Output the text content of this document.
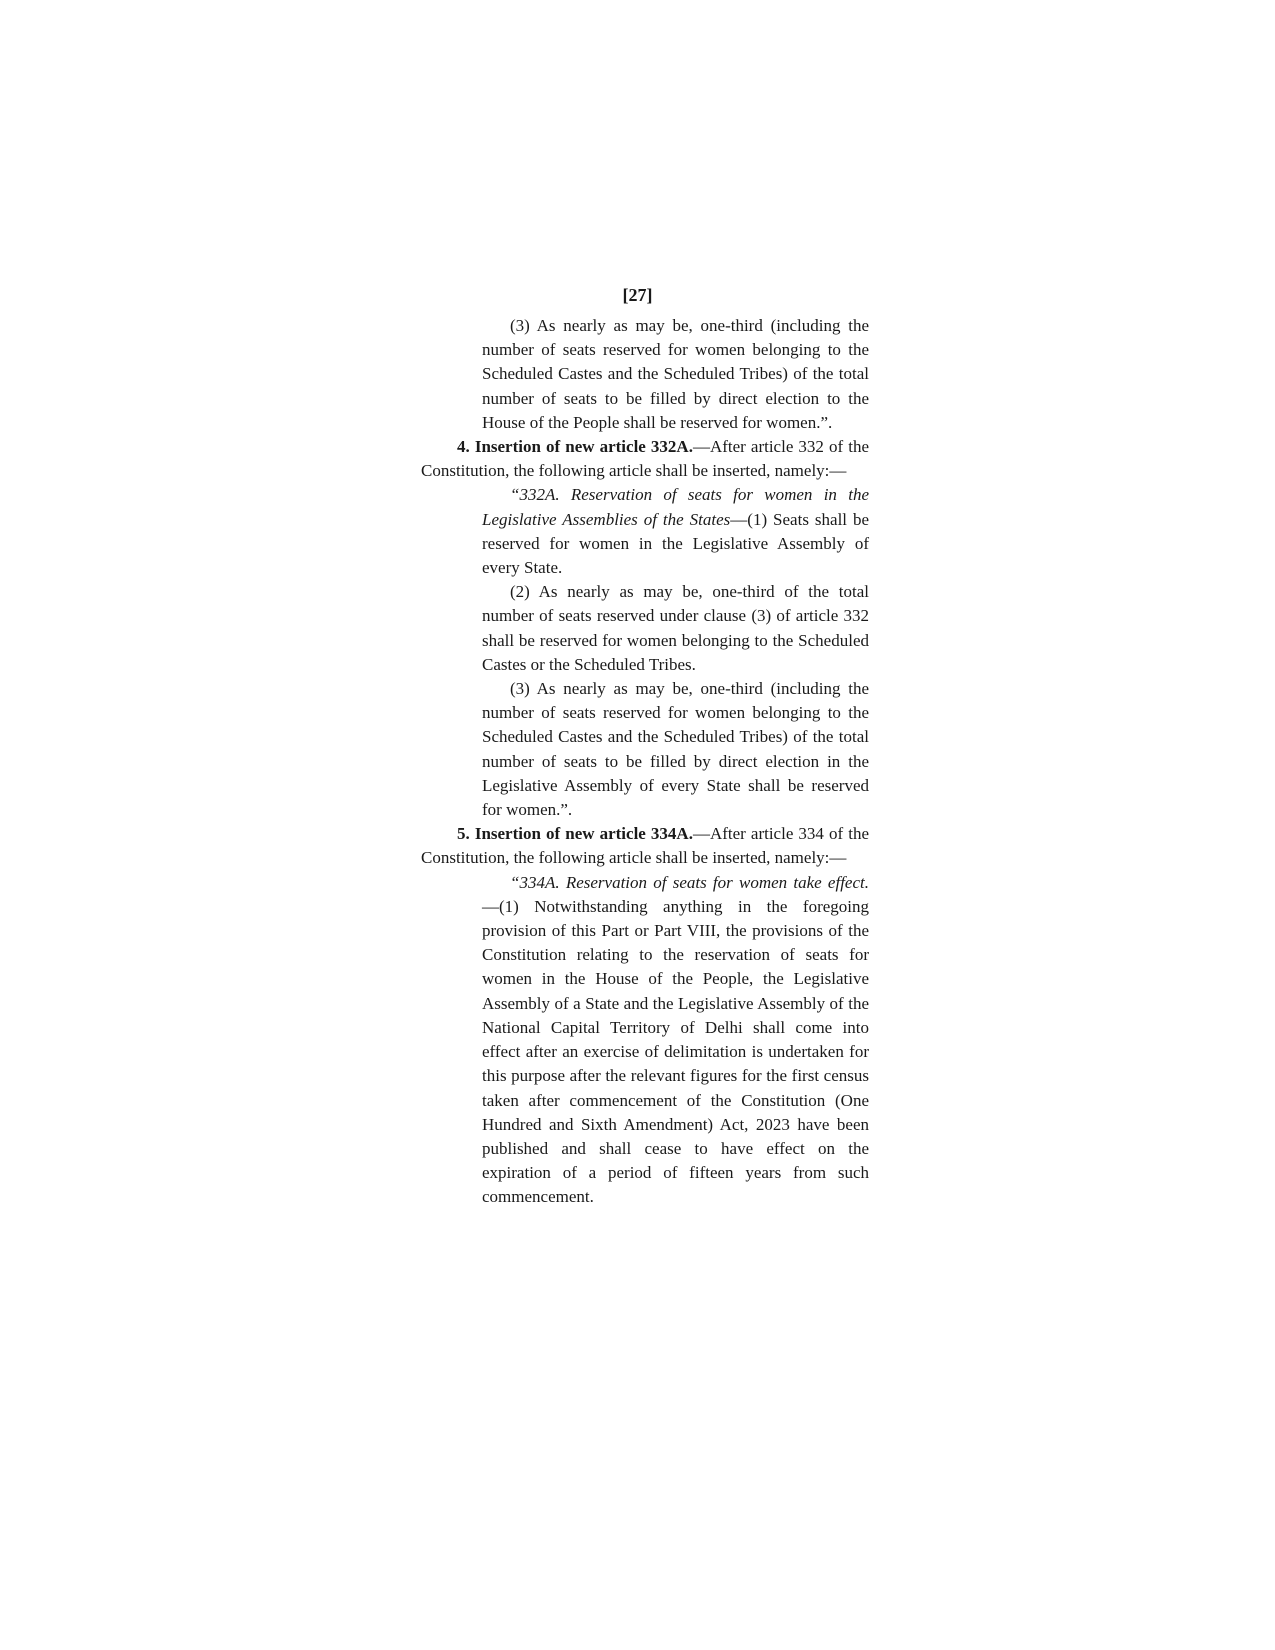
[27]

(3) As nearly as may be, one-third (including the number of seats reserved for women belonging to the Scheduled Castes and the Scheduled Tribes) of the total number of seats to be filled by direct election to the House of the People shall be reserved for women.”.

4. Insertion of new article 332A.—After article 332 of the Constitution, the following article shall be inserted, namely:—

“332A. Reservation of seats for women in the Legislative Assemblies of the States—(1) Seats shall be reserved for women in the Legislative Assembly of every State.

(2) As nearly as may be, one-third of the total number of seats reserved under clause (3) of article 332 shall be reserved for women belonging to the Scheduled Castes or the Scheduled Tribes.

(3) As nearly as may be, one-third (including the number of seats reserved for women belonging to the Scheduled Castes and the Scheduled Tribes) of the total number of seats to be filled by direct election in the Legislative Assembly of every State shall be reserved for women.”.

5. Insertion of new article 334A.—After article 334 of the Constitution, the following article shall be inserted, namely:—

“334A. Reservation of seats for women take effect.—(1) Notwithstanding anything in the foregoing provision of this Part or Part VIII, the provisions of the Constitution relating to the reservation of seats for women in the House of the People, the Legislative Assembly of a State and the Legislative Assembly of the National Capital Territory of Delhi shall come into effect after an exercise of delimitation is undertaken for this purpose after the relevant figures for the first census taken after commencement of the Constitution (One Hundred and Sixth Amendment) Act, 2023 have been published and shall cease to have effect on the expiration of a period of fifteen years from such commencement.
